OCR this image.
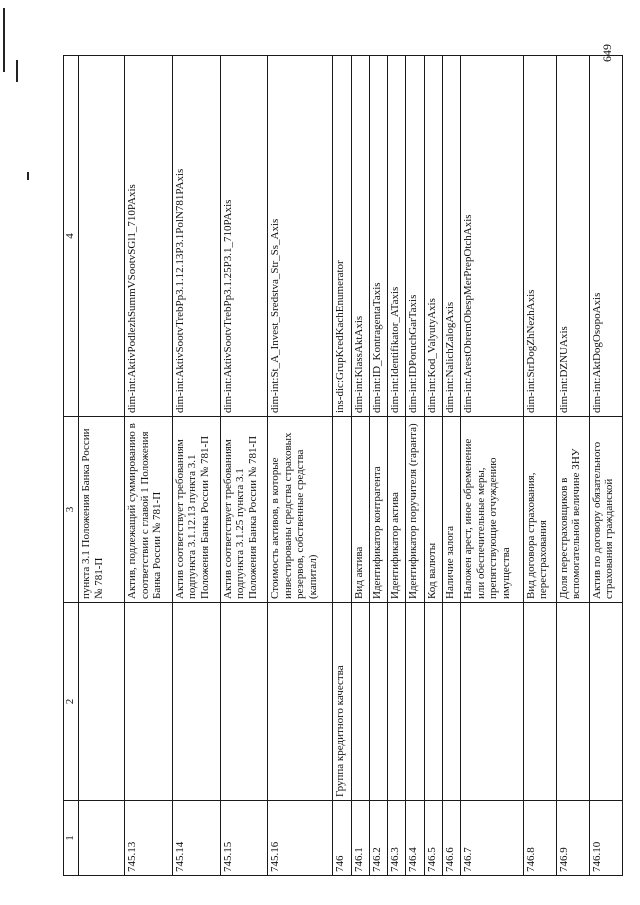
649
1	2	3	4
		пункта 3.1 Положения Банка России № 781-П	
745.13		Актив, подлежащий суммированию в соответствии с главой 1 Положения Банка России № 781-П	dim-int:AktivPodlezhSummVSootvSGl1_710PAxis
745.14		Актив соответствует требованиям подпункта 3.1.12.13 пункта 3.1 Положения Банка России № 781-П	dim-int:AktivSootvTrebPp3.1.12.13P3.1PolN781PAxis
745.15		Актив соответствует требованиям подпункта 3.1.25 пункта 3.1 Положения Банка России № 781-П	dim-int:AktivSootvTrebPp3.1.25P3.1_710PAxis
745.16		Стоимость активов, в которые инвестированы средства страховых резервов, собственные средства (капитал)	dim-int:St_A_Invest_Sredstva_Str_Ss_Axis
746	Группа кредитного качества		ins-dic:GrupKredKachEnumerator
746.1		Вид актива	dim-int:KlassAktAxis
746.2		Идентификатор контрагента	dim-int:ID_KontragentaTaxis
746.3		Идентификатор актива	dim-int:Identifikator_ATaxis
746.4		Идентификатор поручителя (гаранта)	dim-int:IDPoruchGarTaxis
746.5		Код валюты	dim-int:Kod_ValyutyAxis
746.6		Наличие залога	dim-int:NalichZalogAxis
746.7		Наложен арест, иное обременение или обеспечительные меры, препятствующие отчуждению имущества	dim-int:ArestObremObespMerPrepOtchAxis
746.8		Вид договора страхования, перестрахования	dim-int:StrDogZhNezhAxis
746.9		Доля перестраховщиков в вспомогательной величине ЗНУ	dim-int:DZNUAxis
746.10		Актив по договору обязательного страхования гражданской	dim-int:AktDogOsopoAxis
